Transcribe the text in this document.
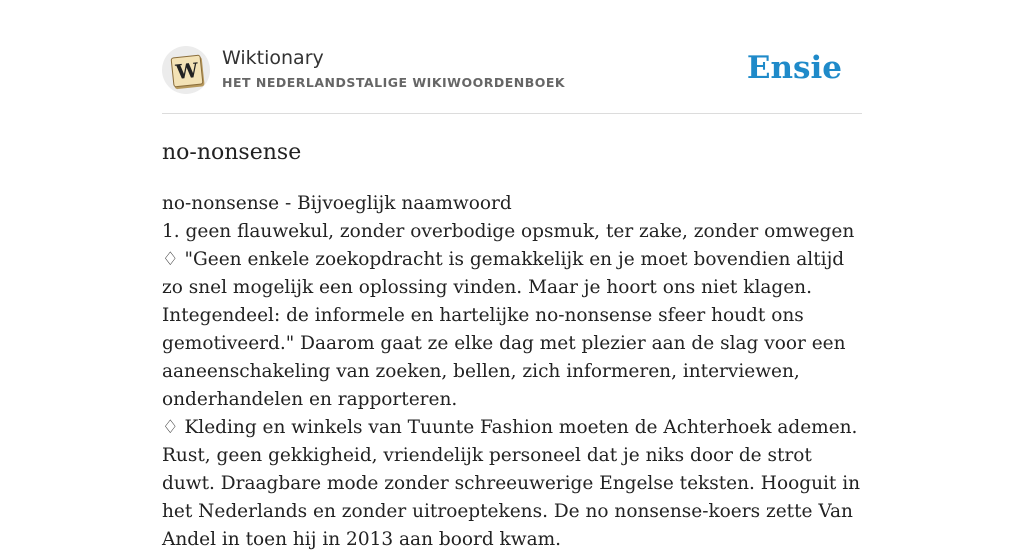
W Wiktionary
HET NEDERLANDSTALIGE WIKIWOORDENBOEK	Ensie
no-nonsense
no-nonsense - Bijvoeglijk naamwoord
1. geen flauwekul, zonder overbodige opsmuk, ter zake, zonder omwegen
♢ "Geen enkele zoekopdracht is gemakkelijk en je moet bovendien altijd zo snel mogelijk een oplossing vinden. Maar je hoort ons niet klagen. Integendeel: de informele en hartelijke no-nonsense sfeer houdt ons gemotiveerd." Daarom gaat ze elke dag met plezier aan de slag voor een aaneenschakeling van zoeken, bellen, zich informeren, interviewen, onderhandelen en rapporteren.
♢ Kleding en winkels van Tuunte Fashion moeten de Achterhoek ademen. Rust, geen gekkigheid, vriendelijk personeel dat je niks door de strot duwt. Draagbare mode zonder schreeuwerige Engelse teksten. Hooguit in het Nederlands en zonder uitroeptekens. De no nonsense-koers zette Van Andel in toen hij in 2013 aan boord kwam.
